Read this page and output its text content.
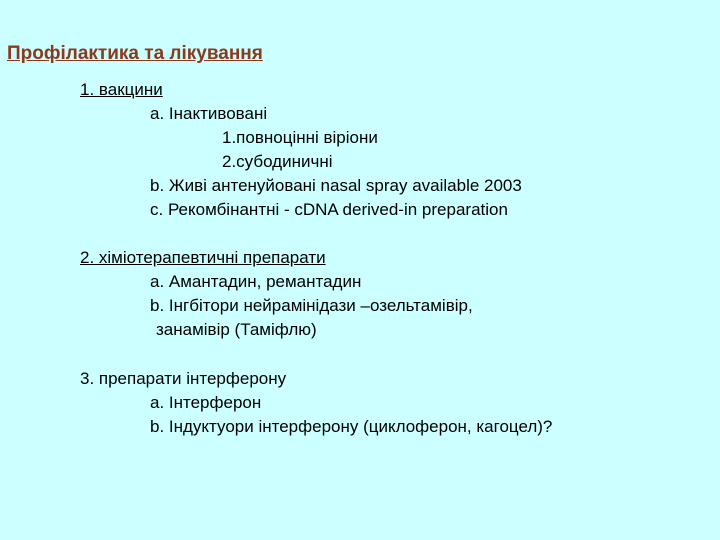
Профілактика та лікування
1. вакцини
a. Інактивовані
1.повноцінні віріони
2.субодиничні
b. Живі антенуйовані nasal spray available 2003
c. Рекомбінантні - cDNA derived-in preparation
2. хіміотерапевтичні препарати
a. Амантадин, ремантадин
b. Інгбітори нейрамінідази –озельтамівір,
занамівір (Таміфлю)
3. препарати інтерферону
a. Інтерферон
b. Індуктуори інтерферону (циклоферон, кагоцел)?
